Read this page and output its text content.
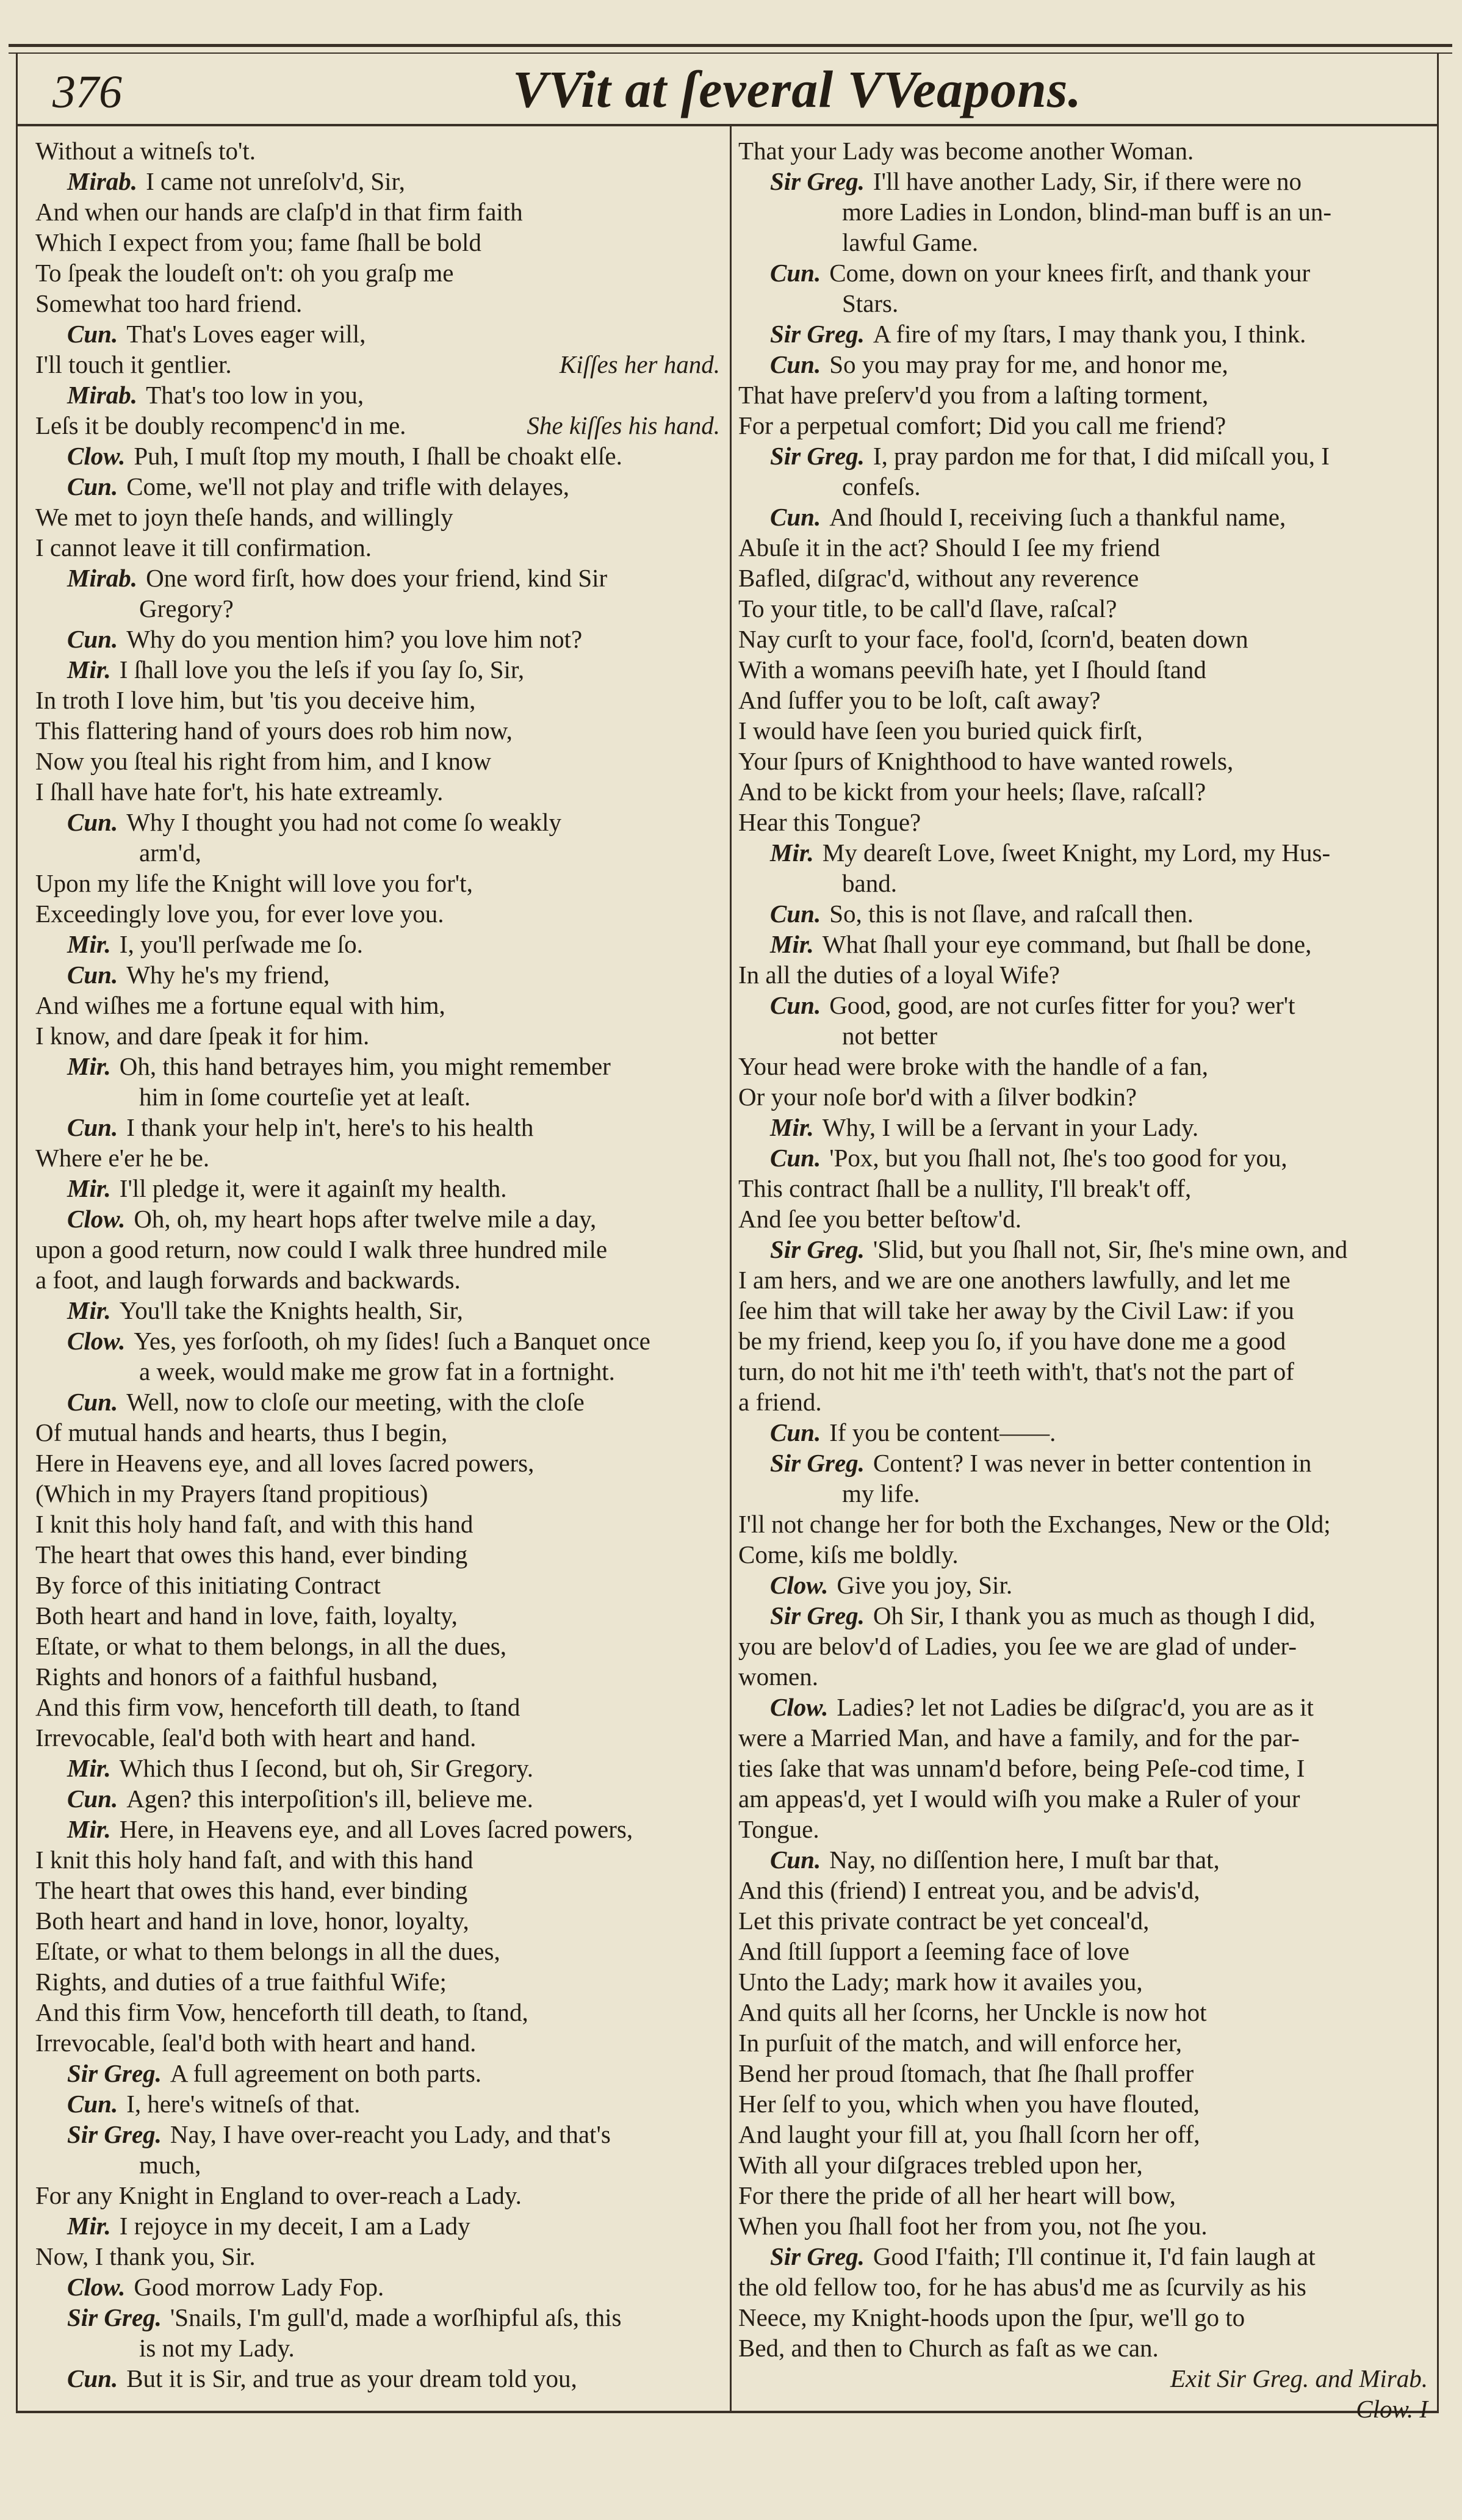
376	VVit at ſeveral VVeapons.
Without a witneſs to't.
Mirab. I came not unreſolv'd, Sir,
And when our hands are claſp'd in that firm faith
Which I expect from you; fame ſhall be bold
To ſpeak the loudeſt on't: oh you graſp me
Somewhat too hard friend.
Cun. That's Loves eager will,
I'll touch it gentlier.	Kiſſes her hand.
Mirab. That's too low in you,
Leſs it be doubly recompenc'd in me.	She kiſſes his hand.
Clow. Puh, I muſt ſtop my mouth, I ſhall be choakt elſe.
Cun. Come, we'll not play and trifle with delayes,
We met to joyn theſe hands, and willingly
I cannot leave it till confirmation.
Mirab. One word firſt, how does your friend, kind Sir
Gregory?
Cun. Why do you mention him? you love him not?
Mir. I ſhall love you the leſs if you ſay ſo, Sir,
In troth I love him, but 'tis you deceive him,
This flattering hand of yours does rob him now,
Now you ſteal his right from him, and I know
I ſhall have hate for't, his hate extreamly.
Cun. Why I thought you had not come ſo weakly
arm'd,
Upon my life the Knight will love you for't,
Exceedingly love you, for ever love you.
Mir. I, you'll perſwade me ſo.
Cun. Why he's my friend,
And wiſhes me a fortune equal with him,
I know, and dare ſpeak it for him.
Mir. Oh, this hand betrayes him, you might remember
him in ſome courteſie yet at leaſt.
Cun. I thank your help in't, here's to his health
Where e'er he be.
Mir. I'll pledge it, were it againſt my health.
Clow. Oh, oh, my heart hops after twelve mile a day,
upon a good return, now could I walk three hundred mile
a foot, and laugh forwards and backwards.
Mir. You'll take the Knights health, Sir,
Clow. Yes, yes forſooth, oh my ſides! ſuch a Banquet once
a week, would make me grow fat in a fortnight.
Cun. Well, now to cloſe our meeting, with the cloſe
Of mutual hands and hearts, thus I begin,
Here in Heavens eye, and all loves ſacred powers,
(Which in my Prayers ſtand propitious)
I knit this holy hand faſt, and with this hand
The heart that owes this hand, ever binding
By force of this initiating Contract
Both heart and hand in love, faith, loyalty,
Eſtate, or what to them belongs, in all the dues,
Rights and honors of a faithful husband,
And this firm vow, henceforth till death, to ſtand
Irrevocable, ſeal'd both with heart and hand.
Mir. Which thus I ſecond, but oh, Sir Gregory.
Cun. Agen? this interpoſition's ill, believe me.
Mir. Here, in Heavens eye, and all Loves ſacred powers,
I knit this holy hand faſt, and with this hand
The heart that owes this hand, ever binding
Both heart and hand in love, honor, loyalty,
Eſtate, or what to them belongs in all the dues,
Rights, and duties of a true faithful Wife;
And this firm Vow, henceforth till death, to ſtand,
Irrevocable, ſeal'd both with heart and hand.
Sir Greg. A full agreement on both parts.
Cun. I, here's witneſs of that.
Sir Greg. Nay, I have over-reacht you Lady, and that's
much,
For any Knight in England to over-reach a Lady.
Mir. I rejoyce in my deceit, I am a Lady
Now, I thank you, Sir.
Clow. Good morrow Lady Fop.
Sir Greg. 'Snails, I'm gull'd, made a worſhipful aſs, this
is not my Lady.
Cun. But it is Sir, and true as your dream told you,
That your Lady was become another Woman.
Sir Greg. I'll have another Lady, Sir, if there were no
more Ladies in London, blind-man buff is an un-
lawful Game.
Cun. Come, down on your knees firſt, and thank your
Stars.
Sir Greg. A fire of my ſtars, I may thank you, I think.
Cun. So you may pray for me, and honor me,
That have preſerv'd you from a laſting torment,
For a perpetual comfort; Did you call me friend?
Sir Greg. I, pray pardon me for that, I did miſcall you, I
confeſs.
Cun. And ſhould I, receiving ſuch a thankful name,
Abuſe it in the act? Should I ſee my friend
Bafled, diſgrac'd, without any reverence
To your title, to be call'd ſlave, raſcal?
Nay curſt to your face, fool'd, ſcorn'd, beaten down
With a womans peeviſh hate, yet I ſhould ſtand
And ſuffer you to be loſt, caſt away?
I would have ſeen you buried quick firſt,
Your ſpurs of Knighthood to have wanted rowels,
And to be kickt from your heels; ſlave, raſcall?
Hear this Tongue?
Mir. My deareſt Love, ſweet Knight, my Lord, my Hus-
band.
Cun. So, this is not ſlave, and raſcall then.
Mir. What ſhall your eye command, but ſhall be done,
In all the duties of a loyal Wife?
Cun. Good, good, are not curſes fitter for you? wer't
not better
Your head were broke with the handle of a fan,
Or your noſe bor'd with a ſilver bodkin?
Mir. Why, I will be a ſervant in your Lady.
Cun. 'Pox, but you ſhall not, ſhe's too good for you,
This contract ſhall be a nullity, I'll break't off,
And ſee you better beſtow'd.
Sir Greg. 'Slid, but you ſhall not, Sir, ſhe's mine own, and
I am hers, and we are one anothers lawfully, and let me
ſee him that will take her away by the Civil Law: if you
be my friend, keep you ſo, if you have done me a good
turn, do not hit me i'th' teeth with't, that's not the part of
a friend.
Cun. If you be content——.
Sir Greg. Content? I was never in better contention in
my life.
I'll not change her for both the Exchanges, New or the Old;
Come, kiſs me boldly.
Clow. Give you joy, Sir.
Sir Greg. Oh Sir, I thank you as much as though I did,
you are belov'd of Ladies, you ſee we are glad of under-
women.
Clow. Ladies? let not Ladies be diſgrac'd, you are as it
were a Married Man, and have a family, and for the par-
ties ſake that was unnam'd before, being Peſe-cod time, I
am appeas'd, yet I would wiſh you make a Ruler of your
Tongue.
Cun. Nay, no diſſention here, I muſt bar that,
And this (friend) I entreat you, and be advis'd,
Let this private contract be yet conceal'd,
And ſtill ſupport a ſeeming face of love
Unto the Lady; mark how it availes you,
And quits all her ſcorns, her Unckle is now hot
In purſuit of the match, and will enforce her,
Bend her proud ſtomach, that ſhe ſhall proffer
Her ſelf to you, which when you have flouted,
And laught your fill at, you ſhall ſcorn her off,
With all your diſgraces trebled upon her,
For there the pride of all her heart will bow,
When you ſhall foot her from you, not ſhe you.
Sir Greg. Good I'faith; I'll continue it, I'd fain laugh at
the old fellow too, for he has abus'd me as ſcurvily as his
Neece, my Knight-hoods upon the ſpur, we'll go to
Bed, and then to Church as faſt as we can.
Exit Sir Greg. and Mirab.
Clow. I
